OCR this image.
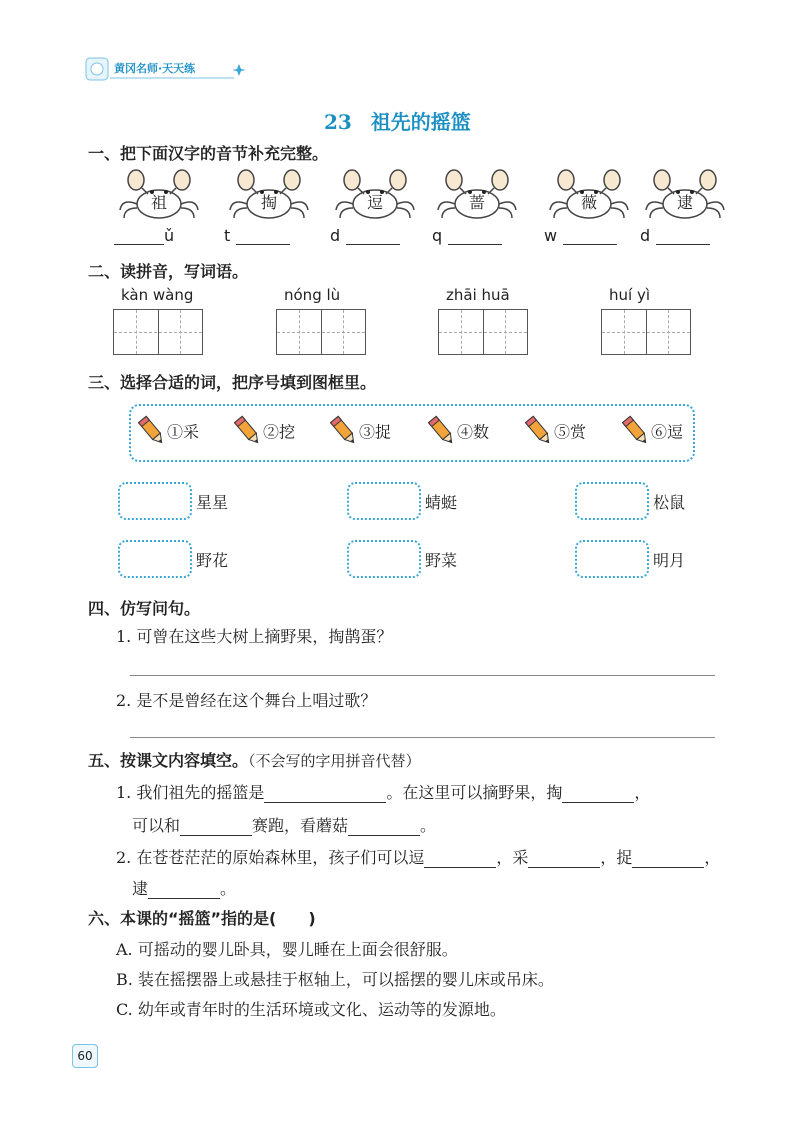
黄冈名师·天天练
23 祖先的摇篮
一、把下面汉字的音节补充完整。
祖
ǔ
掏
t
逗
d
蔷
q
薇
w
逮
d
二、读拼音，写词语。
kàn wàng	nóng lù	zhāi huā	huí yì
三、选择合适的词，把序号填到图框里。
①采	②挖	③捉	④数	⑤赏	⑥逗
星星	蜻蜓	松鼠
野花	野菜	明月
四、仿写问句。
1. 可曾在这些大树上摘野果，掏鹊蛋？
2. 是不是曾经在这个舞台上唱过歌？
五、按课文内容填空。（不会写的字用拼音代替）
1. 我们祖先的摇篮是	。在这里可以摘野果，掏	，
可以和	赛跑，看蘑菇	。
2. 在苍苍茫茫的原始森林里，孩子们可以逗	，采	，捉	，
逮	。
六、本课的“摇篮”指的是(　　)
A. 可摇动的婴儿卧具，婴儿睡在上面会很舒服。
B. 装在摇摆器上或悬挂于枢轴上，可以摇摆的婴儿床或吊床。
C. 幼年或青年时的生活环境或文化、运动等的发源地。
60
